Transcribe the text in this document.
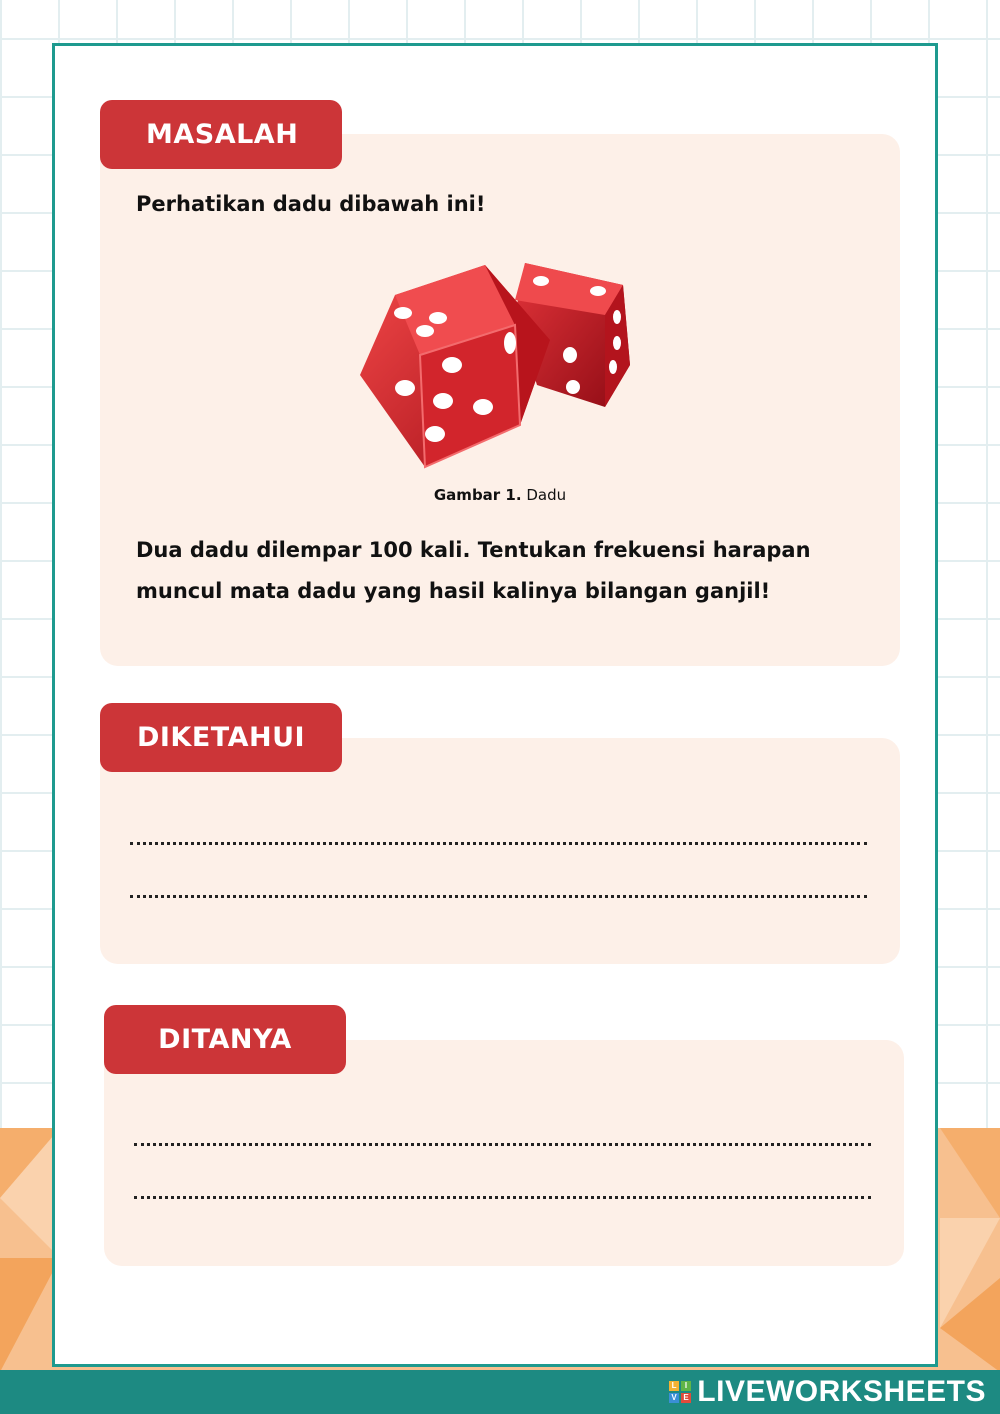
MASALAH
Perhatikan dadu dibawah ini!
Gambar 1. Dadu
Dua dadu dilempar 100 kali. Tentukan frekuensi harapan
muncul mata dadu yang hasil kalinya bilangan ganjil!
DIKETAHUI
DITANYA
L I
V E LIVEWORKSHEETS
